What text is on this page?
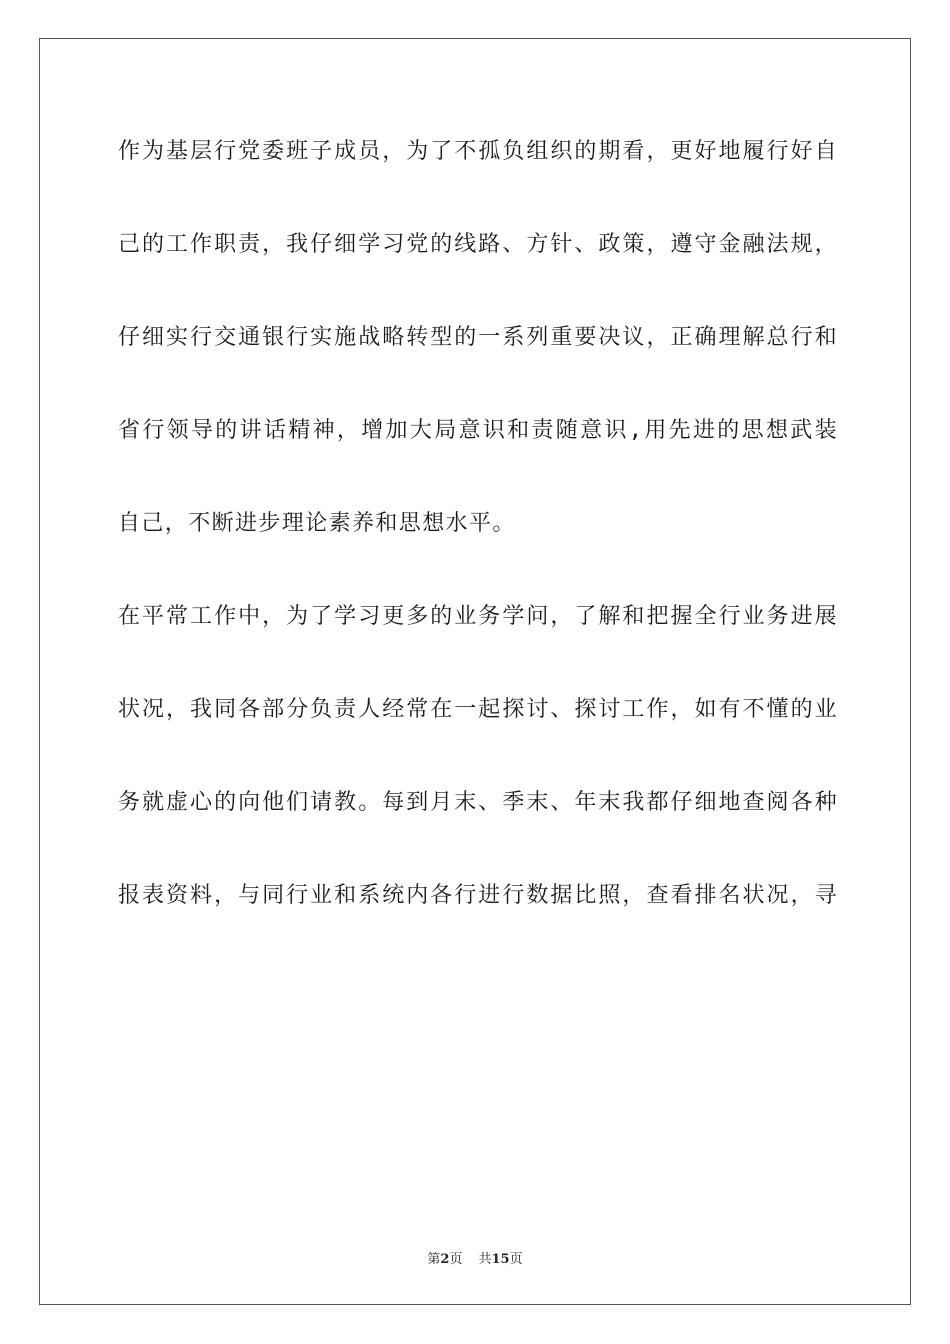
作为基层行党委班子成员，为了不孤负组织的期看，更好地履行好自
己的工作职责，我仔细学习党的线路、方针、政策，遵守金融法规，
仔细实行交通银行实施战略转型的一系列重要决议，正确理解总行和
省行领导的讲话精神，增加大局意识和责随意识,用先进的思想武装
自己，不断进步理论素养和思想水平。
在平常工作中，为了学习更多的业务学问，了解和把握全行业务进展
状况，我同各部分负责人经常在一起探讨、探讨工作，如有不懂的业
务就虚心的向他们请教。每到月末、季末、年末我都仔细地查阅各种
报表资料，与同行业和系统内各行进行数据比照，查看排名状况，寻
第2页 共15页
